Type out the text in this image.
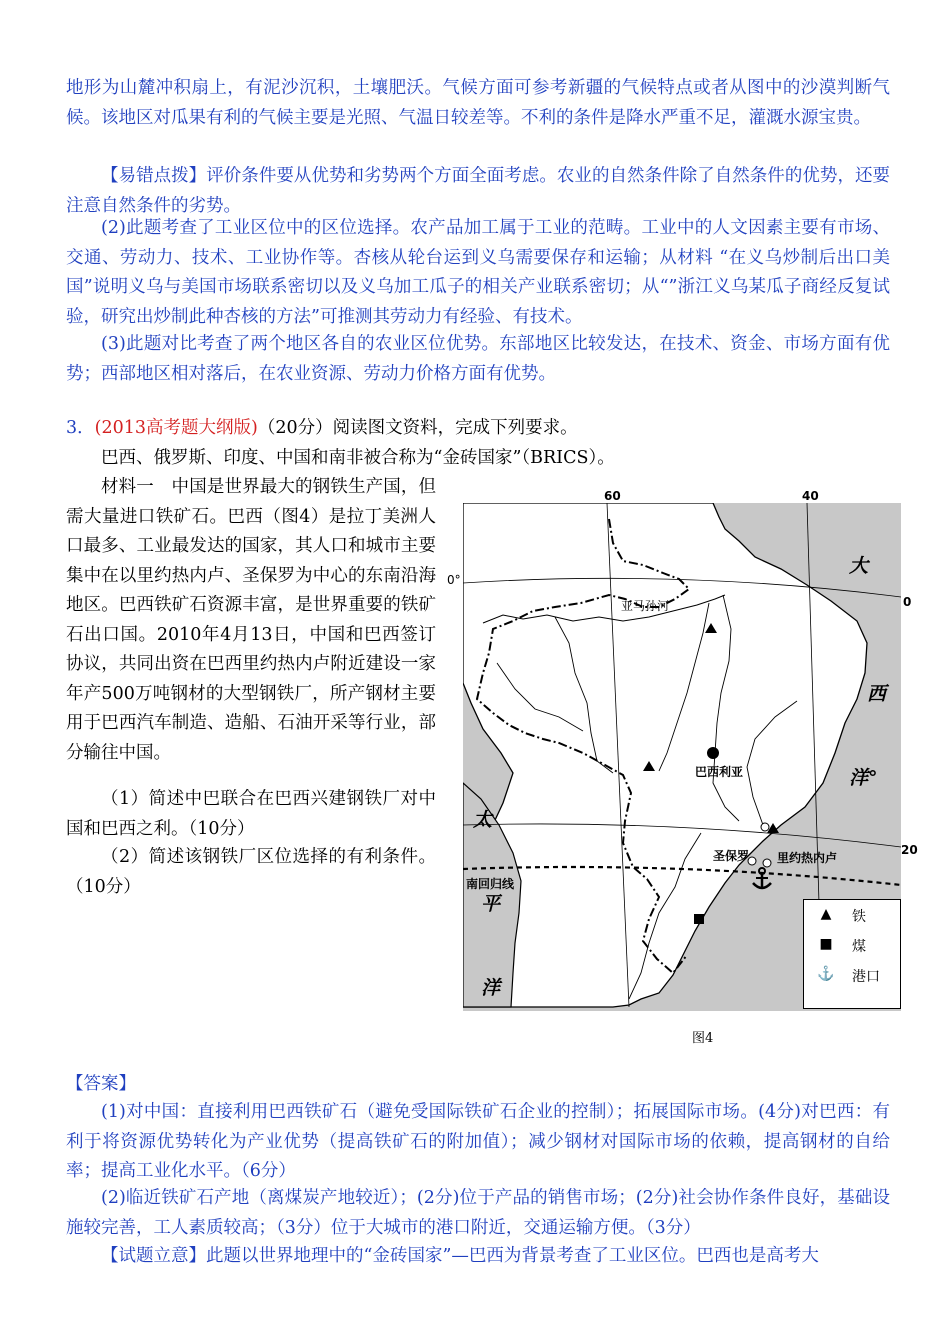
地形为山麓冲积扇上，有泥沙沉积，土壤肥沃。气候方面可参考新疆的气候特点或者从图中的沙漠判断气候。该地区对瓜果有利的气候主要是光照、气温日较差等。不利的条件是降水严重不足，灌溉水源宝贵。

【易错点拨】评价条件要从优势和劣势两个方面全面考虑。农业的自然条件除了自然条件的优势，还要注意自然条件的劣势。

(2)此题考查了工业区位中的区位选择。农产品加工属于工业的范畴。工业中的人文因素主要有市场、交通、劳动力、技术、工业协作等。杏核从轮台运到义乌需要保存和运输；从材料 “在义乌炒制后出口美国”说明义乌与美国市场联系密切以及义乌加工瓜子的相关产业联系密切；从“”浙江义乌某瓜子商经反复试验，研究出炒制此种杏核的方法”可推测其劳动力有经验、有技术。

(3)此题对比考查了两个地区各自的农业区位优势。东部地区比较发达，在技术、资金、市场方面有优势；西部地区相对落后，在农业资源、劳动力价格方面有优势。

3．(2013高考题大纲版)（20分）阅读图文资料，完成下列要求。

巴西、俄罗斯、印度、中国和南非被合称为“金砖国家”（BRICS）。

材料一　中国是世界最大的钢铁生产国，但需大量进口铁矿石。巴西（图4）是拉丁美洲人口最多、工业最发达的国家，其人口和城市主要集中在以里约热内卢、圣保罗为中心的东南沿海地区。巴西铁矿石资源丰富，是世界重要的铁矿石出口国。2010年4月13日，中国和巴西签订协议，共同出资在巴西里约热内卢附近建设一家年产500万吨钢材的大型钢铁厂，所产钢材主要用于巴西汽车制造、造船、石油开采等行业，部分输往中国。

（1）简述中巴联合在巴西兴建钢铁厂对中国和巴西之利。（10分）

（2）简述该钢铁厂区位选择的有利条件。（10分）

60	40
0°
0
20
亚马孙河
巴西利亚
圣保罗 里约热内卢
南回归线
大
西
洋°
太
平
洋
▲	铁
■	煤
⚓ 港口
图4

【答案】

(1)对中国：直接利用巴西铁矿石（避免受国际铁矿石企业的控制）；拓展国际市场。(4分)对巴西：有利于将资源优势转化为产业优势（提高铁矿石的附加值）；减少钢材对国际市场的依赖，提高钢材的自给率；提高工业化水平。（6分）

(2)临近铁矿石产地（离煤炭产地较近）；(2分)位于产品的销售市场；(2分)社会协作条件良好，基础设施较完善，工人素质较高；（3分）位于大城市的港口附近，交通运输方便。（3分）

【试题立意】此题以世界地理中的“金砖国家”—巴西为背景考查了工业区位。巴西也是高考大
